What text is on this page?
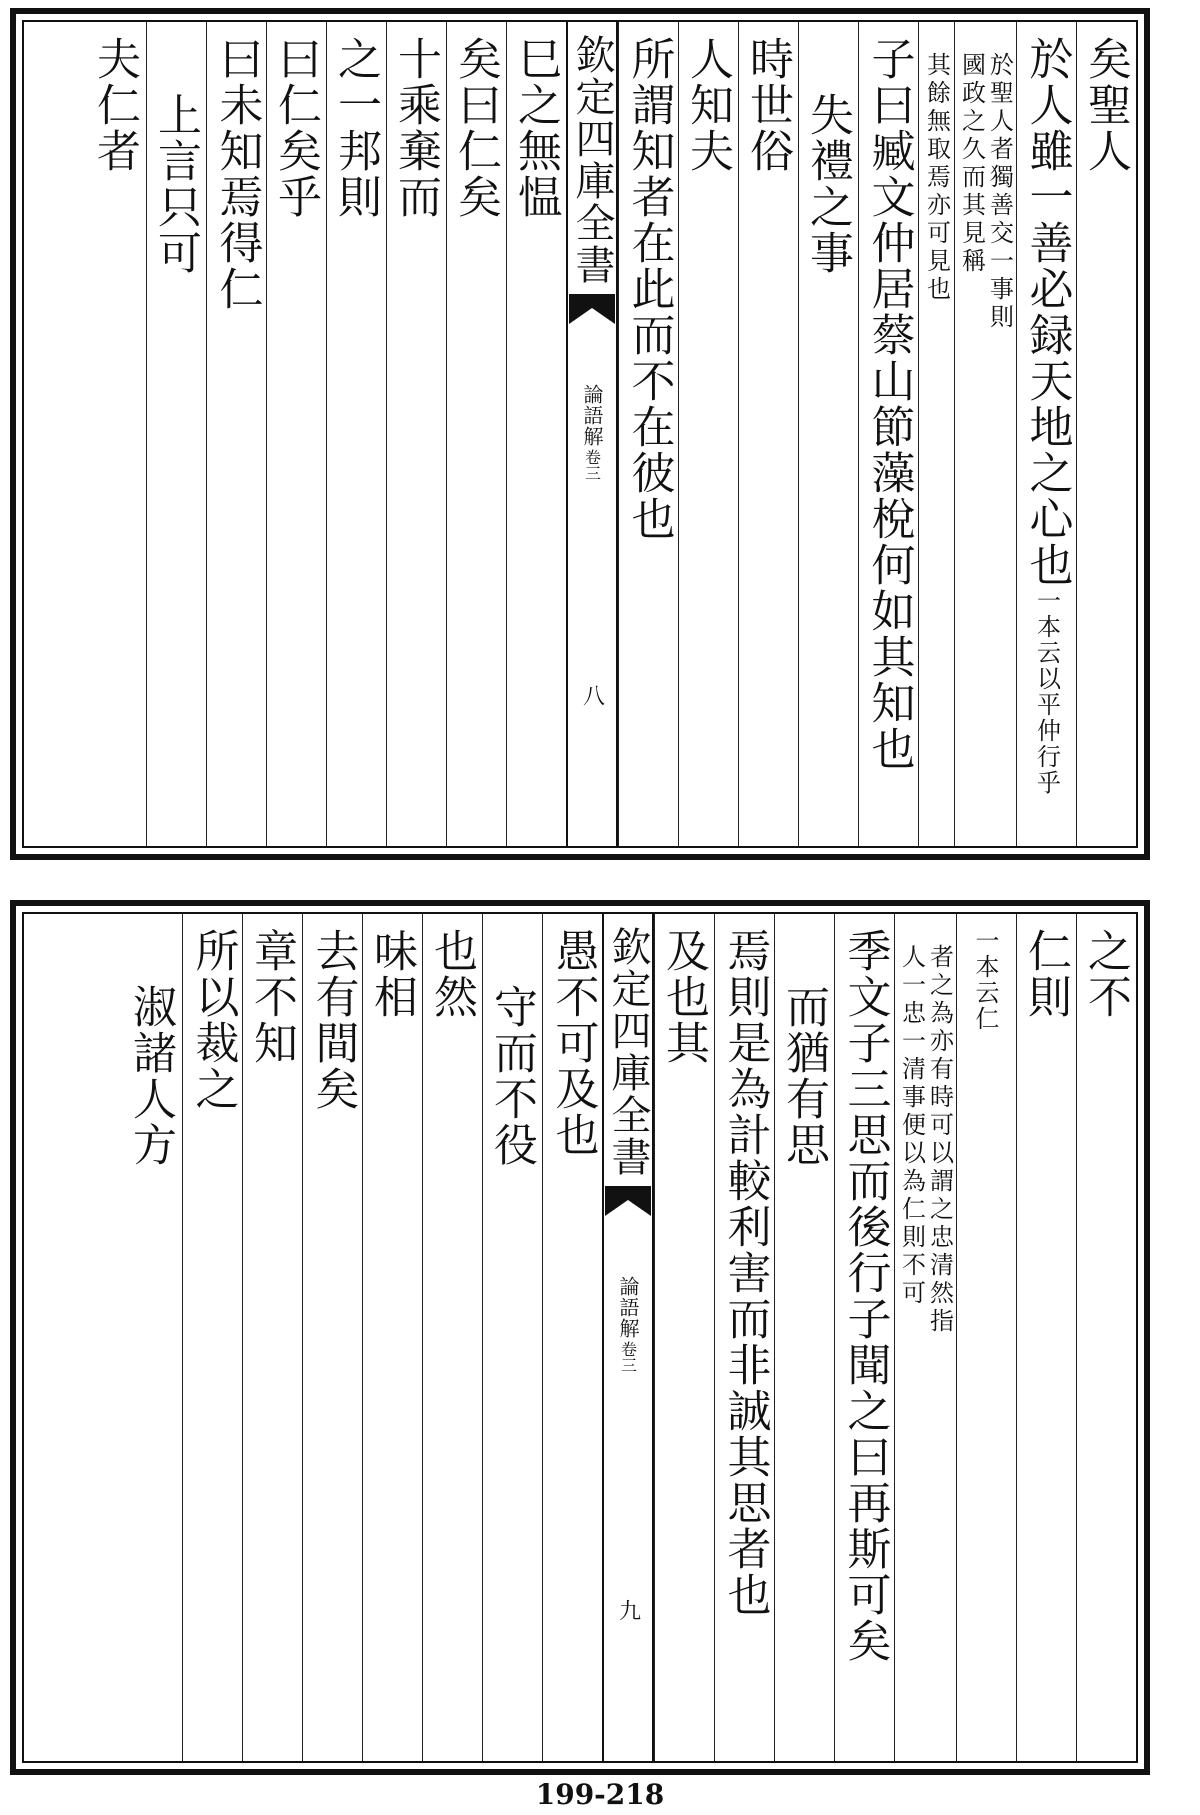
矣聖人
於人雖一善必録天地之心也一本云以平仲行乎
於聖人者獨善交一事則
國政之久而其見稱
其餘無取焉亦可見也
子曰臧文仲居蔡山節藻梲何如其知也
失禮之事
時世俗
人知夫
所謂知者在此而不在彼也
欽定四庫全書
論語解
卷三
八
巳之無愠
矣曰仁矣
十乘棄而
之一邦則
曰仁矣乎
曰未知焉得仁
上言只可
夫仁者
之不
仁則
一本云仁
者之為亦有時可以謂之忠清然指
人一忠一清事便以為仁則不可
季文子三思而後行子聞之曰再斯可矣
而猶有思
焉則是為計較利害而非誠其思者也
及也其
欽定四庫全書
論語解
卷三
九
愚不可及也
守而不役
也然
味相
去有間矣
章不知
所以裁之
淑諸人方
199-218
